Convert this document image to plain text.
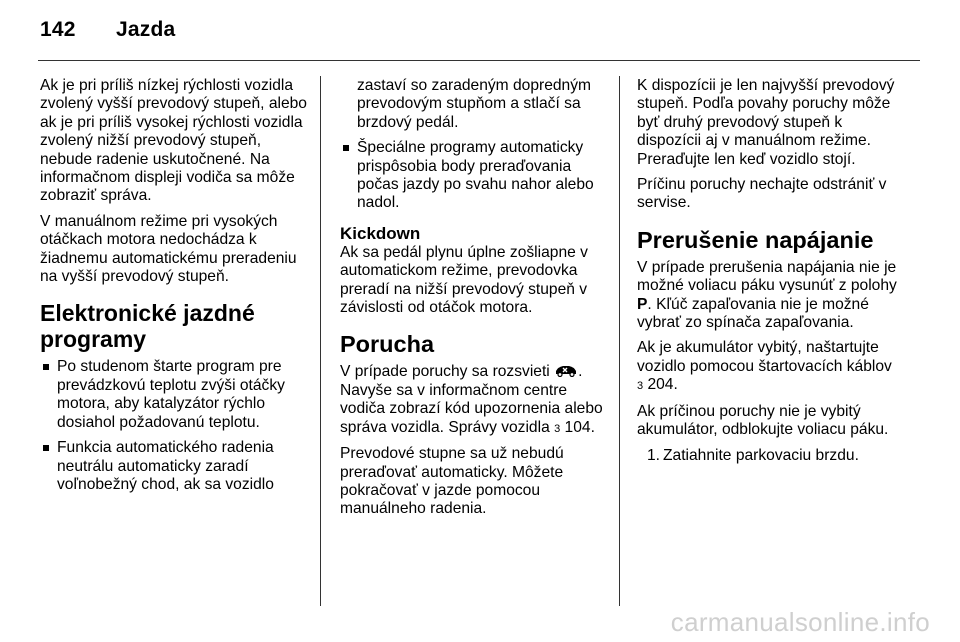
142 Jazda

Ak je pri príliš nízkej rýchlosti vozidla zvolený vyšší prevodový stupeň, alebo ak je pri príliš vysokej rýchlosti vozidla zvolený nižší prevodový stupeň, nebude radenie uskutočnené. Na informačnom displeji vodiča sa môže zobraziť správa.

V manuálnom režime pri vysokých otáčkach motora nedochádza k žiadnemu automatickému preradeniu na vyšší prevodový stupeň.

Elektronické jazdné programy
Po studenom štarte program pre prevádzkovú teplotu zvýši otáčky motora, aby katalyzátor rýchlo dosiahol požadovanú teplotu.
Funkcia automatického radenia neutrálu automaticky zaradí voľnobežný chod, ak sa vozidlo
zastaví so zaradeným dopredným prevodovým stupňom a stlačí sa brzdový pedál.
Špeciálne programy automaticky prispôsobia body preraďovania počas jazdy po svahu nahor alebo nadol.
Kickdown

Ak sa pedál plynu úplne zošliapne v automatickom režime, prevodovka preradí na nižší prevodový stupeň v závislosti od otáčok motora.

Porucha

V prípade poruchy sa rozsvieti . Navyše sa v informačnom centre vodiča zobrazí kód upozornenia alebo správa vozidla. Správy vozidla 3 104.

Prevodové stupne sa už nebudú preraďovať automaticky. Môžete pokračovať v jazde pomocou manuálneho radenia.

K dispozícii je len najvyšší prevodový stupeň. Podľa povahy poruchy môže byť druhý prevodový stupeň k dispozícii aj v manuálnom režime. Preraďujte len keď vozidlo stojí.

Príčinu poruchy nechajte odstrániť v servise.

Prerušenie napájanie

V prípade prerušenia napájania nie je možné voliacu páku vysunúť z polohy P. Kľúč zapaľovania nie je možné vybrať zo spínača zapaľovania.

Ak je akumulátor vybitý, naštartujte vozidlo pomocou štartovacích káblov
3 204.

Ak príčinou poruchy nie je vybitý akumulátor, odblokujte voliacu páku.

1. Zatiahnite parkovaciu brzdu.
carmanualsonline.info
